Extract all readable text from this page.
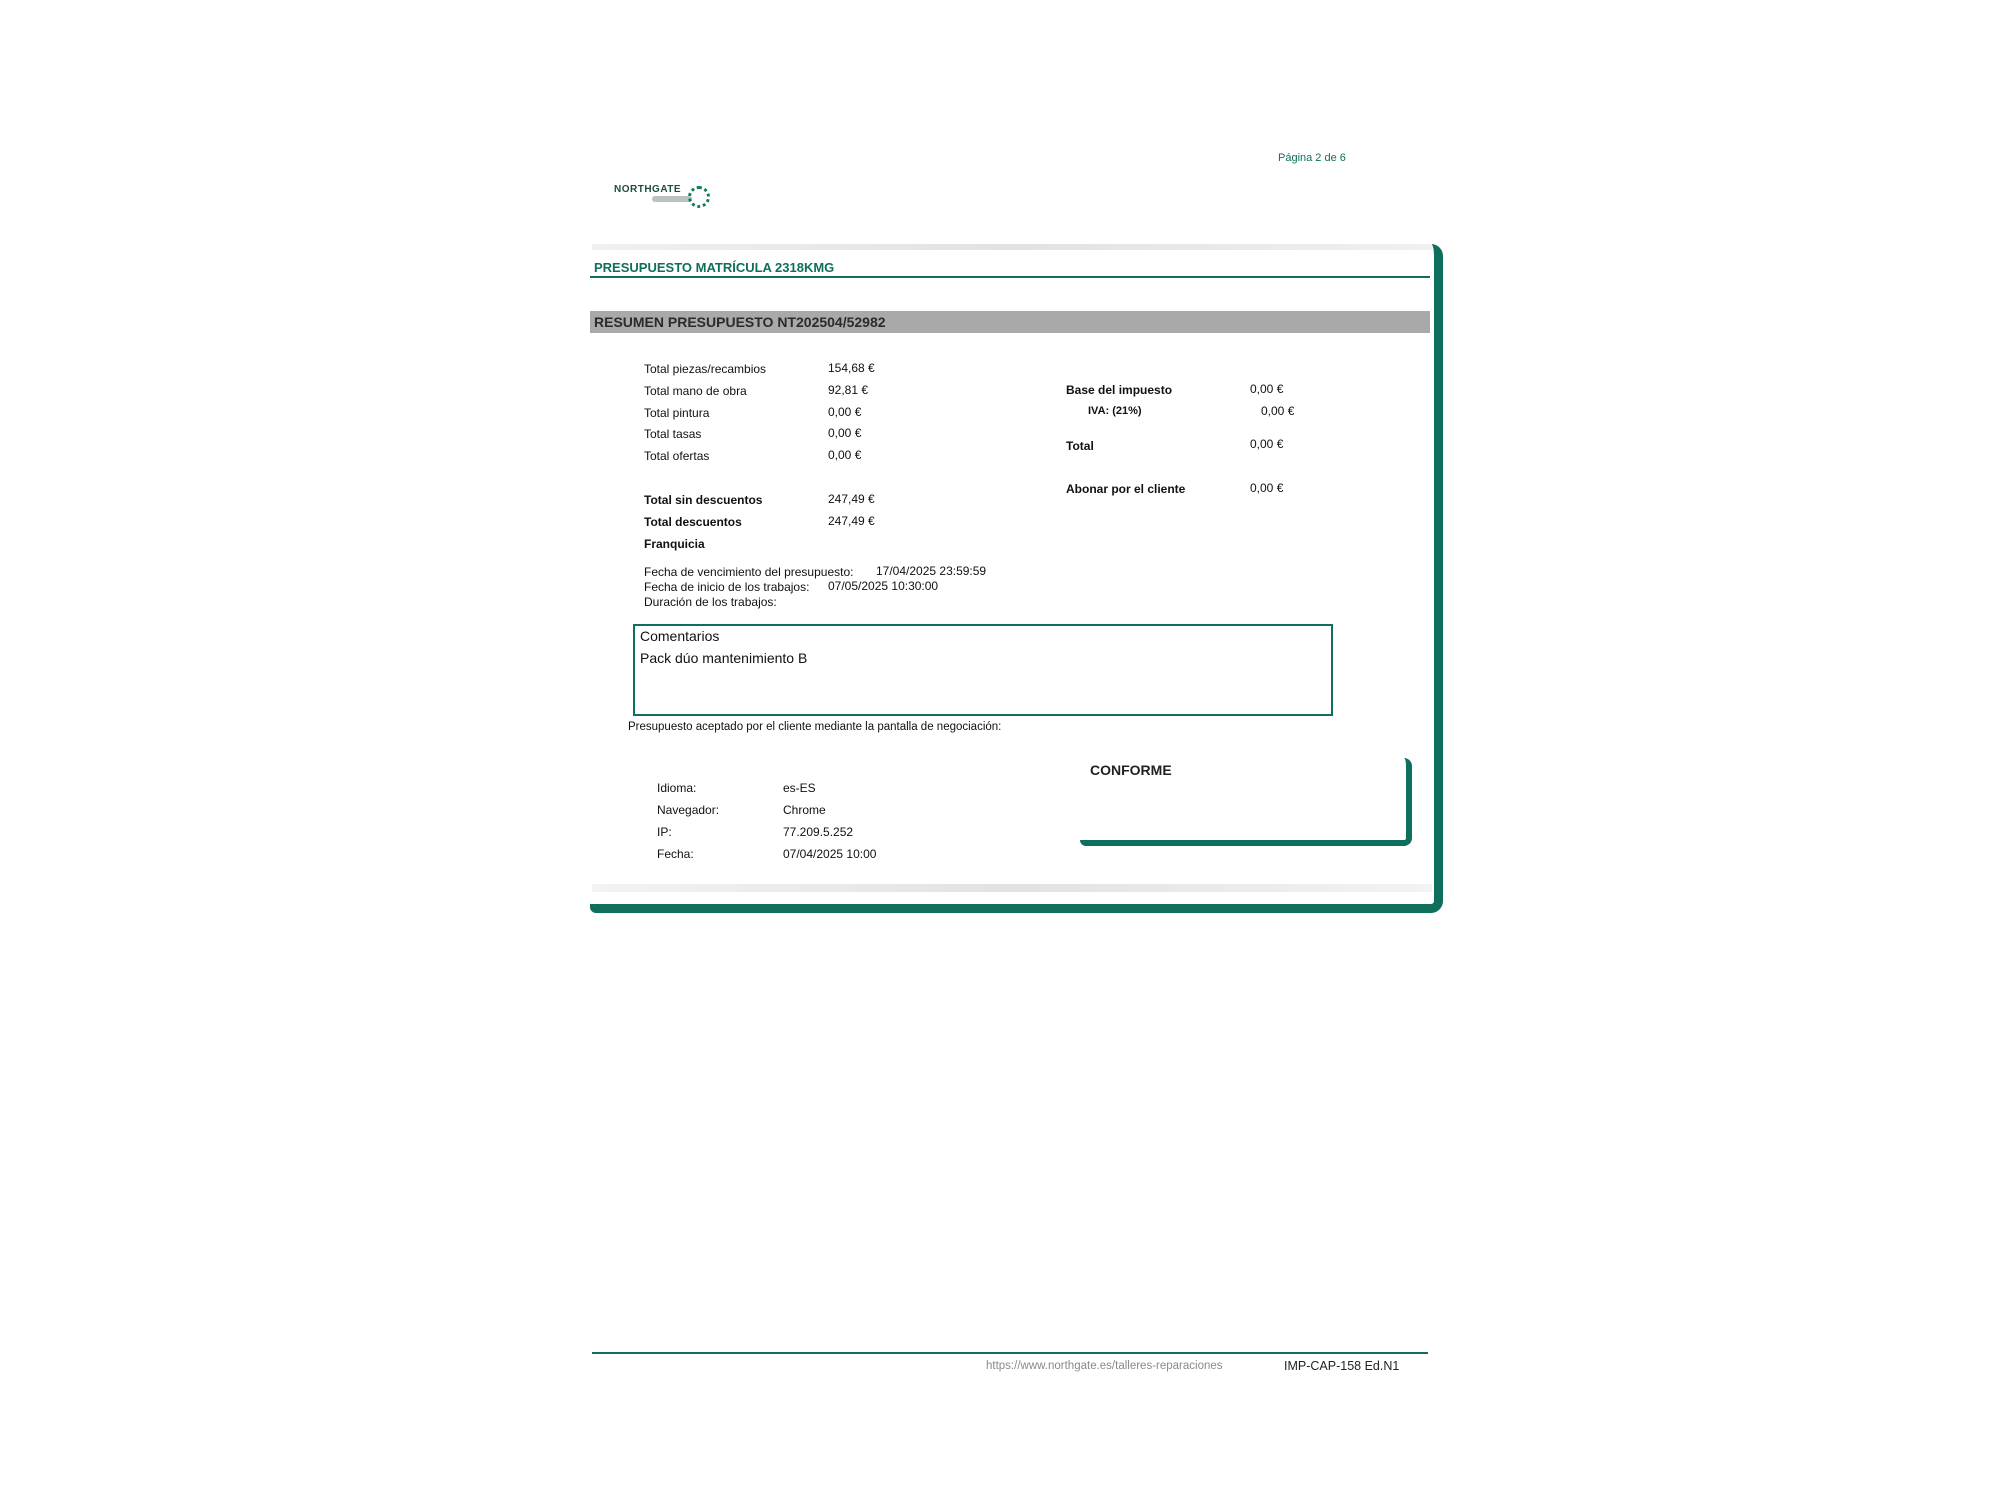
Página 2 de 6
NORTHGATE
PRESUPUESTO MATRÍCULA 2318KMG
RESUMEN PRESUPUESTO NT202504/52982
Total piezas/recambios	154,68 €
Total mano de obra	92,81 €
Total pintura	0,00 €
Total tasas	0,00 €
Total ofertas	0,00 €
Total sin descuentos	247,49 €
Total descuentos	247,49 €
Franquicia
Base del impuesto	0,00 €
IVA: (21%)	0,00 €
Total	0,00 €
Abonar por el cliente	0,00 €
Fecha de vencimiento del presupuesto: 17/04/2025 23:59:59
Fecha de inicio de los trabajos: 07/05/2025 10:30:00
Duración de los trabajos:
Comentarios
Pack dúo mantenimiento B
Presupuesto aceptado por el cliente mediante la pantalla de negociación:
Idioma:	es-ES
Navegador:	Chrome
IP:	77.209.5.252
Fecha:	07/04/2025 10:00
CONFORME
https://www.northgate.es/talleres-reparaciones	IMP-CAP-158 Ed.N1
